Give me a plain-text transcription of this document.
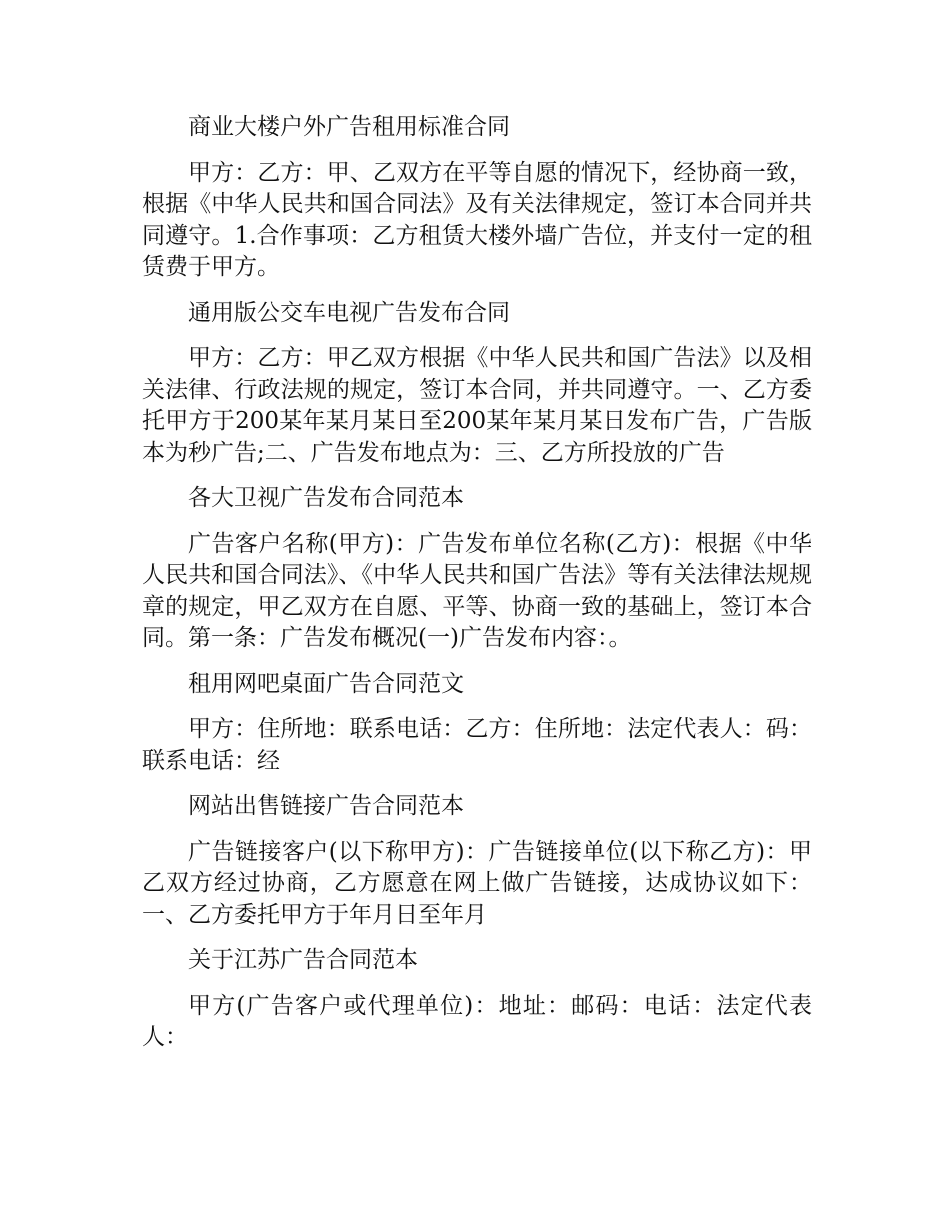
商业大楼户外广告租用标准合同

甲方：乙方：甲、乙双方在平等自愿的情况下，经协商一致，根据《中华人民共和国合同法》及有关法律规定，签订本合同并共同遵守。1.合作事项：乙方租赁大楼外墙广告位，并支付一定的租赁费于甲方。

通用版公交车电视广告发布合同

甲方：乙方：甲乙双方根据《中华人民共和国广告法》以及相关法律、行政法规的规定，签订本合同，并共同遵守。一、乙方委托甲方于200某年某月某日至200某年某月某日发布广告，广告版本为秒广告;二、广告发布地点为：三、乙方所投放的广告

各大卫视广告发布合同范本

广告客户名称(甲方)：广告发布单位名称(乙方)：根据《中华人民共和国合同法》、《中华人民共和国广告法》等有关法律法规规章的规定，甲乙双方在自愿、平等、协商一致的基础上，签订本合同。第一条：广告发布概况(一)广告发布内容：。

租用网吧桌面广告合同范文

甲方：住所地：联系电话：乙方：住所地：法定代表人：码：联系电话：经

网站出售链接广告合同范本

广告链接客户(以下称甲方)：广告链接单位(以下称乙方)：甲乙双方经过协商，乙方愿意在网上做广告链接，达成协议如下：一、乙方委托甲方于年月日至年月

关于江苏广告合同范本

甲方(广告客户或代理单位)：地址：邮码：电话：法定代表人：
